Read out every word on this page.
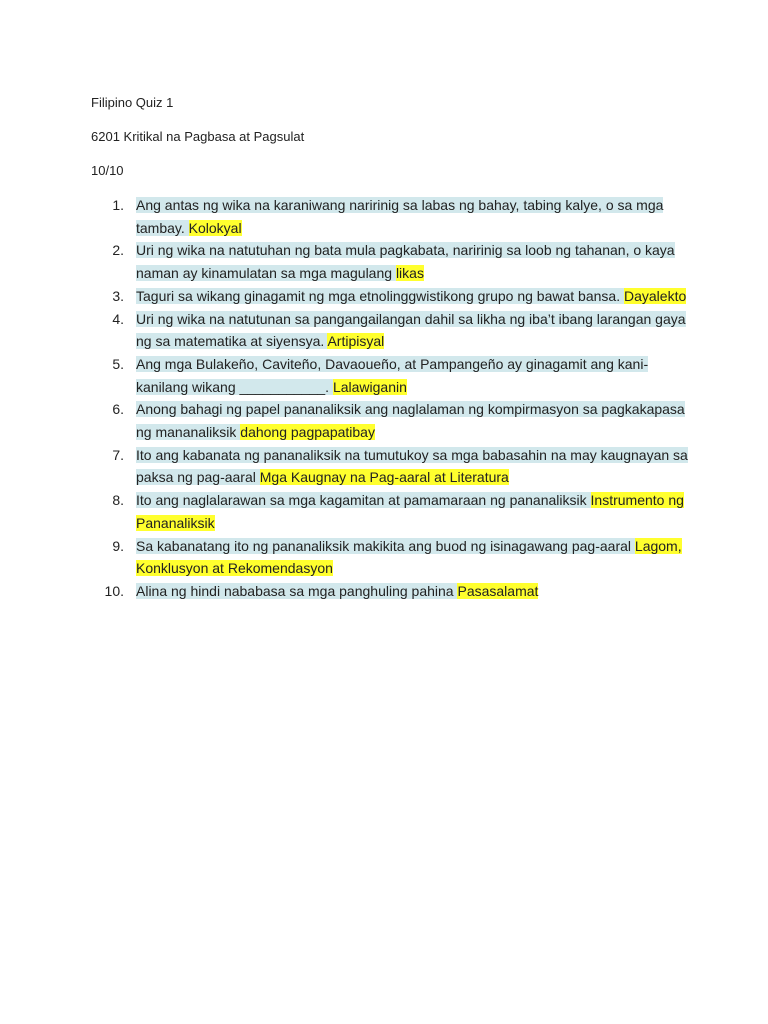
Filipino Quiz 1
6201 Kritikal na Pagbasa at Pagsulat
10/10
1. Ang antas ng wika na karaniwang naririnig sa labas ng bahay, tabing kalye, o sa mga tambay. Kolokyal
2. Uri ng wika na natutuhan ng bata mula pagkabata, naririnig sa loob ng tahanan, o kaya naman ay kinamulatan sa mga magulang likas
3. Taguri sa wikang ginagamit ng mga etnolinggwistikong grupo ng bawat bansa. Dayalekto
4. Uri ng wika na natutunan sa pangangailangan dahil sa likha ng iba’t ibang larangan gaya ng sa matematika at siyensya. Artipisyal
5. Ang mga Bulakeño, Caviteño, Davaoueño, at Pampangeño ay ginagamit ang kani-kanilang wikang ___________. Lalawiganin
6. Anong bahagi ng papel pananaliksik ang naglalaman ng kompirmasyon sa pagkakapasa ng mananaliksik dahong pagpapatibay
7. Ito ang kabanata ng pananaliksik na tumutukoy sa mga babasahin na may kaugnayan sa paksa ng pag-aaral Mga Kaugnay na Pag-aaral at Literatura
8. Ito ang naglalarawan sa mga kagamitan at pamamaraan ng pananaliksik Instrumento ng Pananaliksik
9. Sa kabanatang ito ng pananaliksik makikita ang buod ng isinagawang pag-aaral Lagom, Konklusyon at Rekomendasyon
10. Alina ng hindi nababasa sa mga panghuling pahina Pasasalamat
